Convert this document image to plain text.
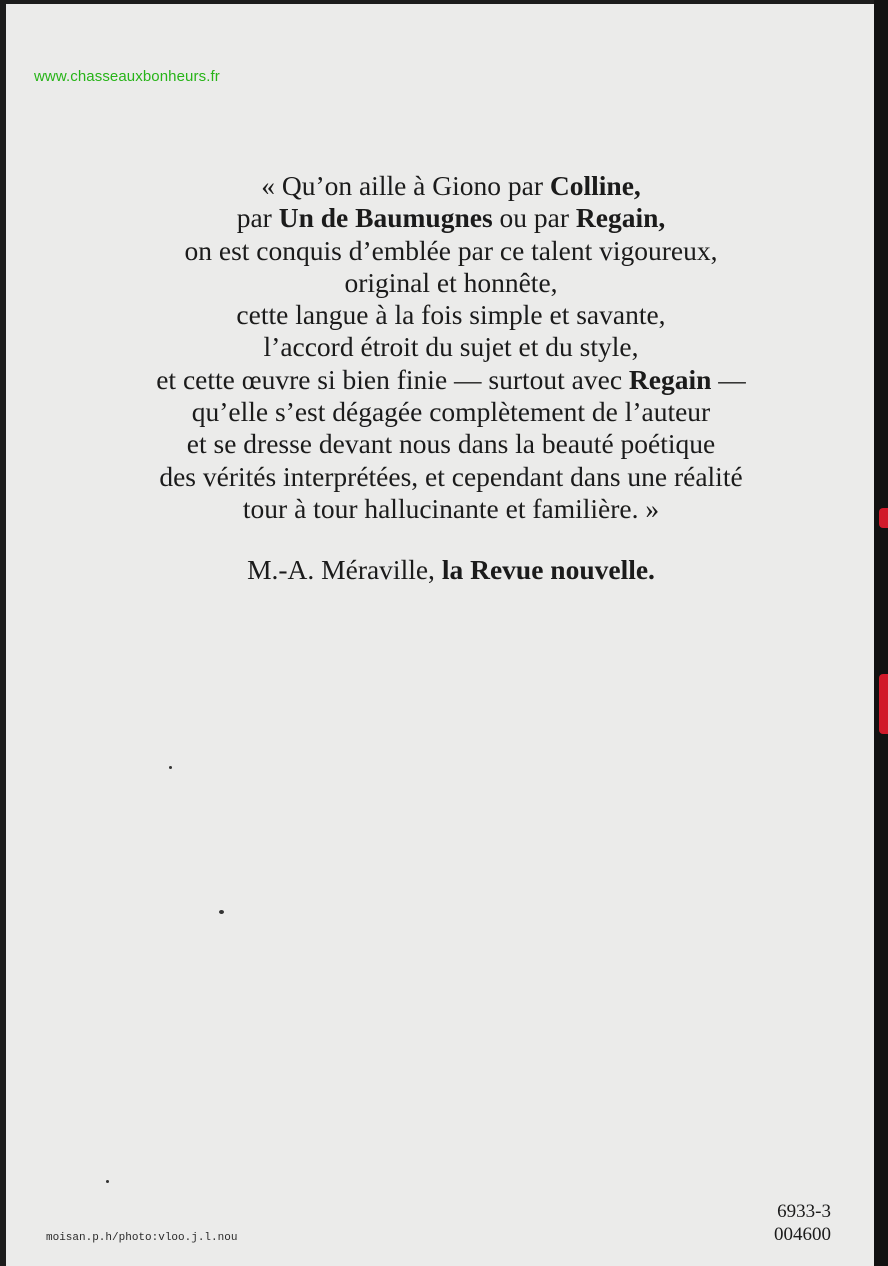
www.chasseauxbonheurs.fr
« Qu’on aille à Giono par Colline,
par Un de Baumugnes ou par Regain,
on est conquis d’emblée par ce talent vigoureux,
original et honnête,
cette langue à la fois simple et savante,
l’accord étroit du sujet et du style,
et cette œuvre si bien finie — surtout avec Regain —
qu’elle s’est dégagée complètement de l’auteur
et se dresse devant nous dans la beauté poétique
des vérités interprétées, et cependant dans une réalité
tour à tour hallucinante et familière. »
M.-A. Méraville, la Revue nouvelle.
moisan.p.h/photo:vloo.j.l.nou
6933-3
004600
